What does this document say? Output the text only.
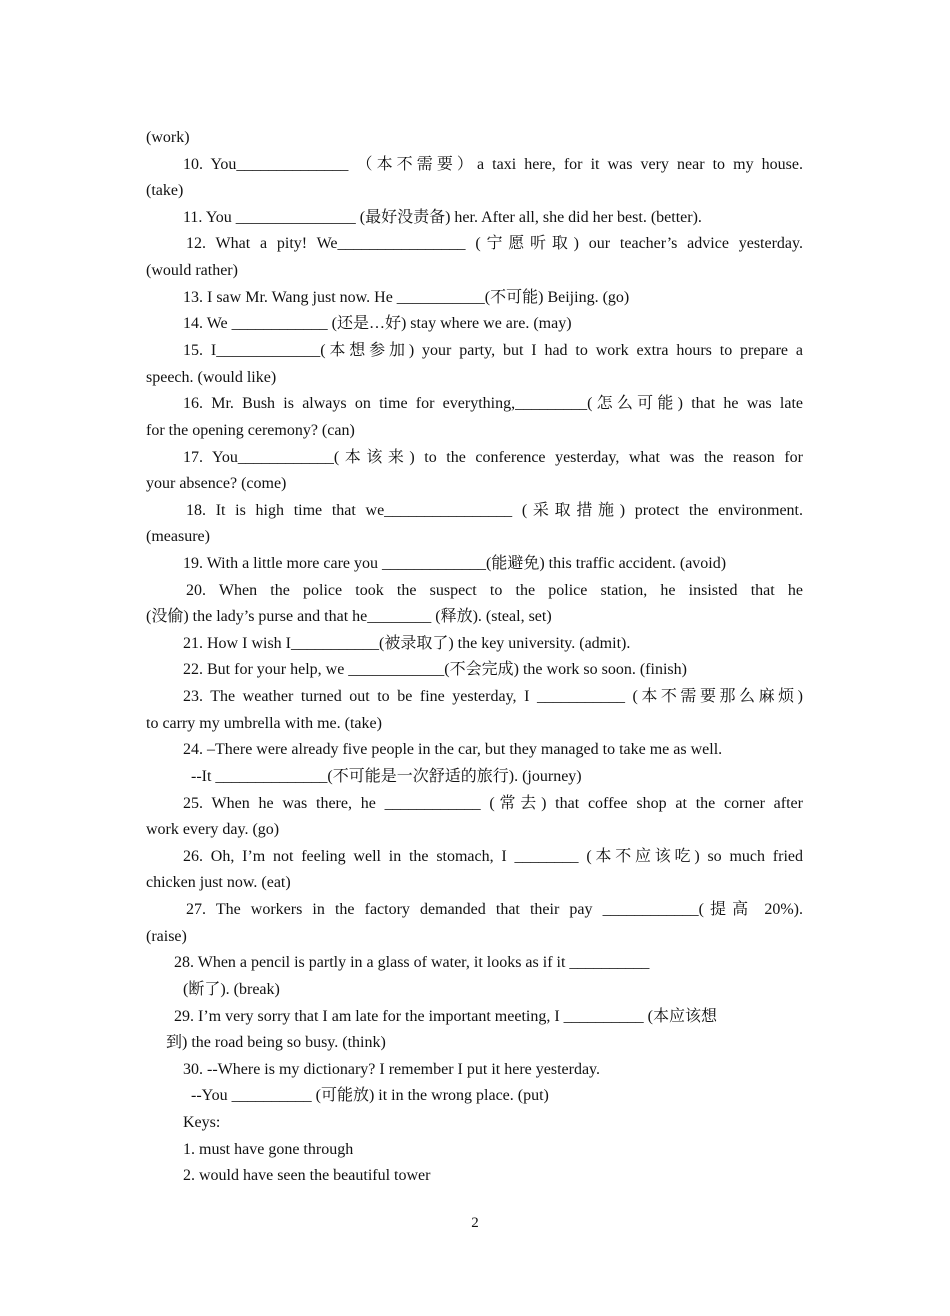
(work)
10. You______________ （本不需要）a taxi here, for it was very near to my house.
(take)
11. You _______________ (最好没责备) her. After all, she did her best. (better).
12. What a pity! We________________ (宁愿听取) our teacher’s advice yesterday.
(would rather)
13. I saw Mr. Wang just now. He ___________(不可能) Beijing. (go)
14. We ____________ (还是…好) stay where we are. (may)
15. I_____________(本想参加) your party, but I had to work extra hours to prepare a
speech. (would like)
16. Mr. Bush is always on time for everything,_________(怎么可能) that he was late
for the opening ceremony? (can)
17. You____________(本该来) to the conference yesterday, what was the reason for
your absence? (come)
18. It is high time that we________________ (采取措施) protect the environment.
(measure)
19. With a little more care you _____________(能避免) this traffic accident. (avoid)
20. When the police took the suspect to the police station, he insisted that he
(没偷) the lady’s purse and that he________ (释放). (steal, set)
21. How I wish I___________(被录取了) the key university. (admit).
22. But for your help, we ____________(不会完成) the work so soon. (finish)
23. The weather turned out to be fine yesterday, I ___________ (本不需要那么麻烦)
to carry my umbrella with me. (take)
24. –There were already five people in the car, but they managed to take me as well.
--It ______________(不可能是一次舒适的旅行). (journey)
25. When he was there, he ____________ (常去) that coffee shop at the corner after
work every day. (go)
26. Oh, I’m not feeling well in the stomach, I ________ (本不应该吃) so much fried
chicken just now. (eat)
27. The workers in the factory demanded that their pay ____________(提高 20%).
(raise)
28. When a pencil is partly in a glass of water, it looks as if it __________
(断了). (break)
29. I’m very sorry that I am late for the important meeting, I __________ (本应该想
到) the road being so busy. (think)
30. --Where is my dictionary? I remember I put it here yesterday.
--You __________ (可能放) it in the wrong place. (put)
Keys:
1. must have gone through
2. would have seen the beautiful tower
2
